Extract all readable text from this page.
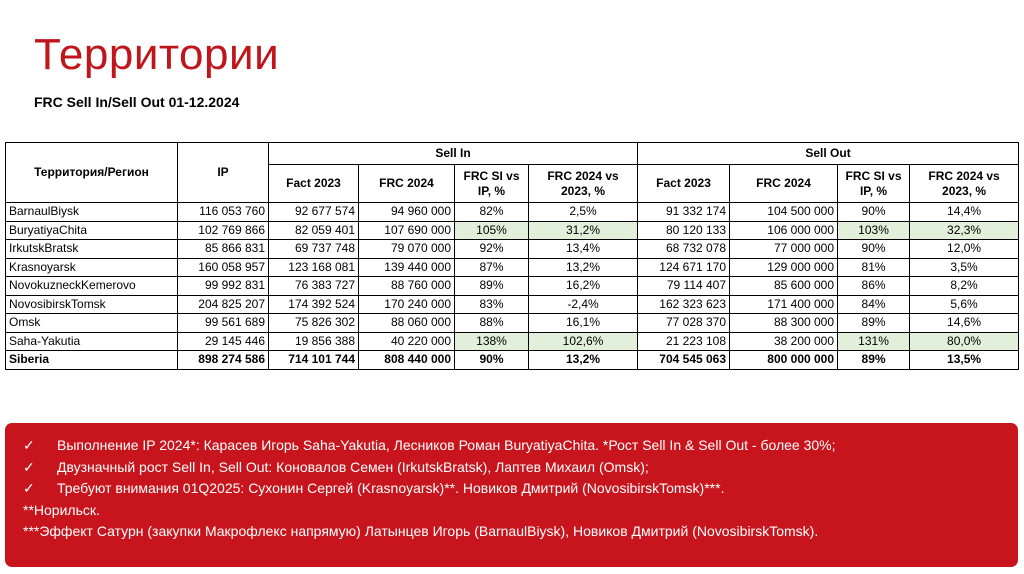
Территории
FRC Sell In/Sell Out 01-12.2024
Территория/Регион	IP	Sell In				Sell Out			
		Fact 2023	FRC 2024	FRC SI vs IP, %	FRC 2024 vs 2023, %	Fact 2023	FRC 2024	FRC SI vs IP, %	FRC 2024 vs 2023, %
BarnaulBiysk	116 053 760	92 677 574	94 960 000	82%	2,5%	91 332 174	104 500 000	90%	14,4%
BuryatiyaChita	102 769 866	82 059 401	107 690 000	105%	31,2%	80 120 133	106 000 000	103%	32,3%
IrkutskBratsk	85 866 831	69 737 748	79 070 000	92%	13,4%	68 732 078	77 000 000	90%	12,0%
Krasnoyarsk	160 058 957	123 168 081	139 440 000	87%	13,2%	124 671 170	129 000 000	81%	3,5%
NovokuzneckKemerovo	99 992 831	76 383 727	88 760 000	89%	16,2%	79 114 407	85 600 000	86%	8,2%
NovosibirskTomsk	204 825 207	174 392 524	170 240 000	83%	-2,4%	162 323 623	171 400 000	84%	5,6%
Omsk	99 561 689	75 826 302	88 060 000	88%	16,1%	77 028 370	88 300 000	89%	14,6%
Saha-Yakutia	29 145 446	19 856 388	40 220 000	138%	102,6%	21 223 108	38 200 000	131%	80,0%
Siberia	898 274 586	714 101 744	808 440 000	90%	13,2%	704 545 063	800 000 000	89%	13,5%
✓ Выполнение IP 2024*: Карасев Игорь Saha-Yakutia, Лесников Роман BuryatiyaChita. *Рост Sell In & Sell Out - более 30%;
✓ Двузначный рост Sell In, Sell Out: Коновалов Семен (IrkutskBratsk), Лаптев Михаил (Omsk);
✓ Требуют внимания 01Q2025: Сухонин Сергей (Krasnoyarsk)**. Новиков Дмитрий (NovosibirskTomsk)***.
**Норильск.
***Эффект Сатурн (закупки Макрофлекс напрямую) Латынцев Игорь (BarnaulBiysk), Новиков Дмитрий (NovosibirskTomsk).
